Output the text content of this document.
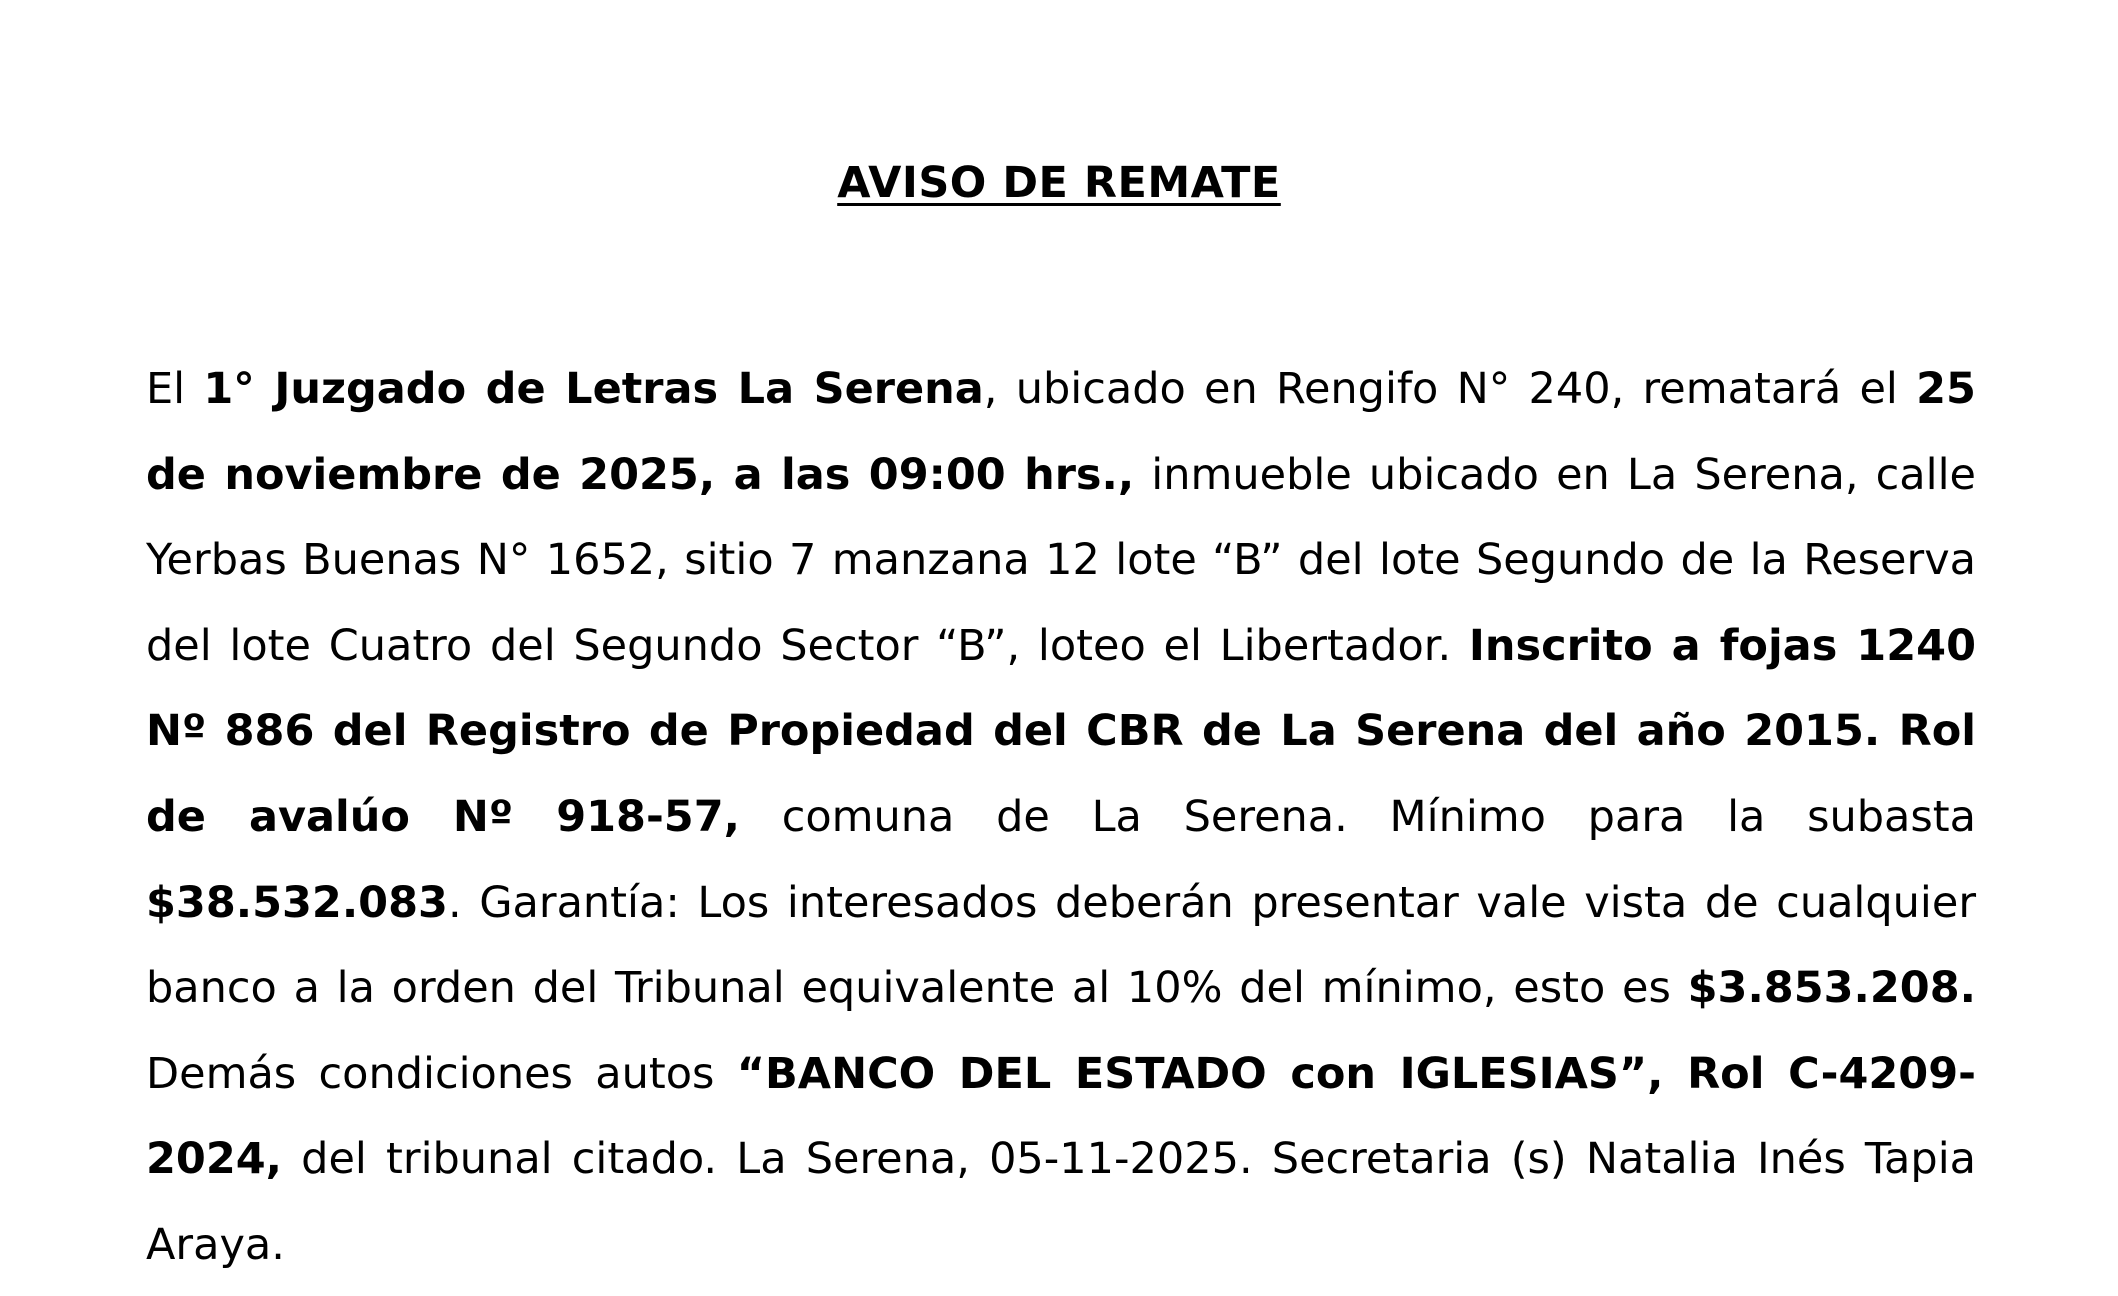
AVISO DE REMATE

El 1° Juzgado de Letras La Serena, ubicado en Rengifo N° 240, rematará el 25 de noviembre de 2025, a las 09:00 hrs., inmueble ubicado en La Serena, calle Yerbas Buenas N° 1652, sitio 7 manzana 12 lote “B” del lote Segundo de la Reserva del lote Cuatro del Segundo Sector “B”, loteo el Libertador. Inscrito a fojas 1240 Nº 886 del Registro de Propiedad del CBR de La Serena del año 2015. Rol de avalúo Nº 918-57, comuna de La Serena. Mínimo para la subasta $38.532.083. Garantía: Los interesados deberán presentar vale vista de cualquier banco a la orden del Tribunal equivalente al 10% del mínimo, esto es $3.853.208. Demás condiciones autos “BANCO DEL ESTADO con IGLESIAS”, Rol C-4209-2024, del tribunal citado. La Serena, 05-11-2025. Secretaria (s) Natalia Inés Tapia Araya.
